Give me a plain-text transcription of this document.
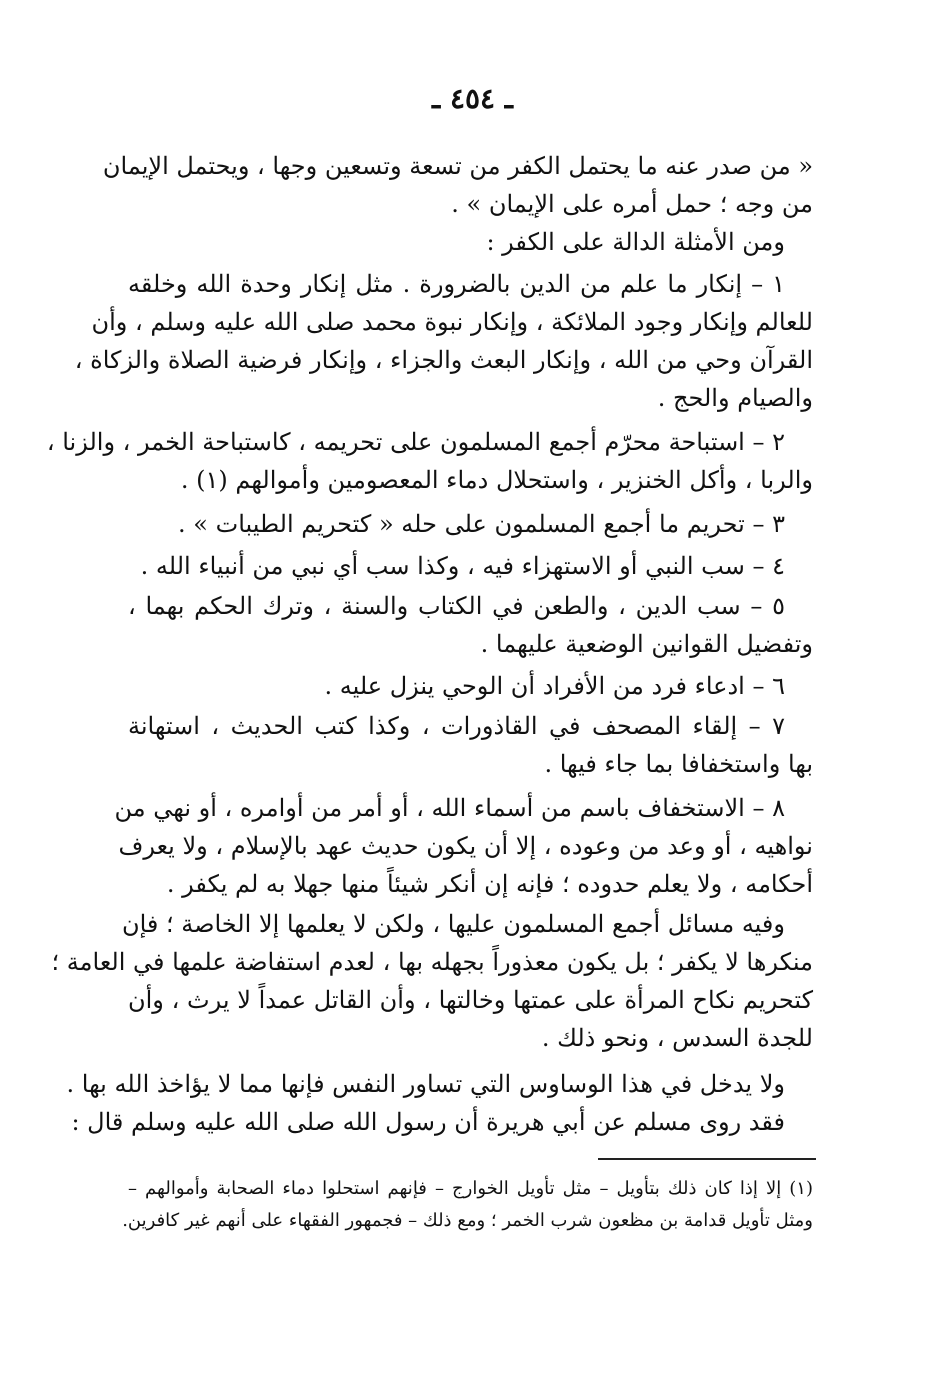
ـ ٤٥٤ ـ
« من صدر عنه ما يحتمل الكفر من تسعة وتسعين وجها ، ويحتمل الإيمان
من وجه ؛ حمل أمره على الإيمان » .
ومن الأمثلة الدالة على الكفر :
١ – إنكار ما علم من الدين بالضرورة . مثل إنكار وحدة الله وخلقه
للعالم وإنكار وجود الملائكة ، وإنكار نبوة محمد صلى الله عليه وسلم ، وأن
القرآن وحي من الله ، وإنكار البعث والجزاء ، وإنكار فرضية الصلاة والزكاة ،
والصيام والحج .
٢ – استباحة محرّم أجمع المسلمون على تحريمه ، كاستباحة الخمر ، والزنا ،
والربا ، وأكل الخنزير ، واستحلال دماء المعصومين وأموالهم (١) .
٣ – تحريم ما أجمع المسلمون على حله « كتحريم الطيبات » .
٤ – سب النبي أو الاستهزاء فيه ، وكذا سب أي نبي من أنبياء الله .
٥ – سب الدين ، والطعن في الكتاب والسنة ، وترك الحكم بهما ،
وتفضيل القوانين الوضعية عليهما .
٦ – ادعاء فرد من الأفراد أن الوحي ينزل عليه .
٧ – إلقاء المصحف في القاذورات ، وكذا كتب الحديث ، استهانة
بها واستخفافا بما جاء فيها .
٨ – الاستخفاف باسم من أسماء الله ، أو أمر من أوامره ، أو نهي من
نواهيه ، أو وعد من وعوده ، إلا أن يكون حديث عهد بالإسلام ، ولا يعرف
أحكامه ، ولا يعلم حدوده ؛ فإنه إن أنكر شيئاً منها جهلا به لم يكفر .
وفيه مسائل أجمع المسلمون عليها ، ولكن لا يعلمها إلا الخاصة ؛ فإن
منكرها لا يكفر ؛ بل يكون معذوراً بجهله بها ، لعدم استفاضة علمها في العامة ؛
كتحريم نكاح المرأة على عمتها وخالتها ، وأن القاتل عمداً لا يرث ، وأن
للجدة السدس ، ونحو ذلك .
ولا يدخل في هذا الوساوس التي تساور النفس فإنها مما لا يؤاخذ الله بها .
فقد روى مسلم عن أبي هريرة أن رسول الله صلى الله عليه وسلم قال :
(١) إلا إذا كان ذلك بتأويل – مثل تأويل الخوارج – فإنهم استحلوا دماء الصحابة وأموالهم –
ومثل تأويل قدامة بن مظعون شرب الخمر ؛ ومع ذلك – فجمهور الفقهاء على أنهم غير كافرين.
